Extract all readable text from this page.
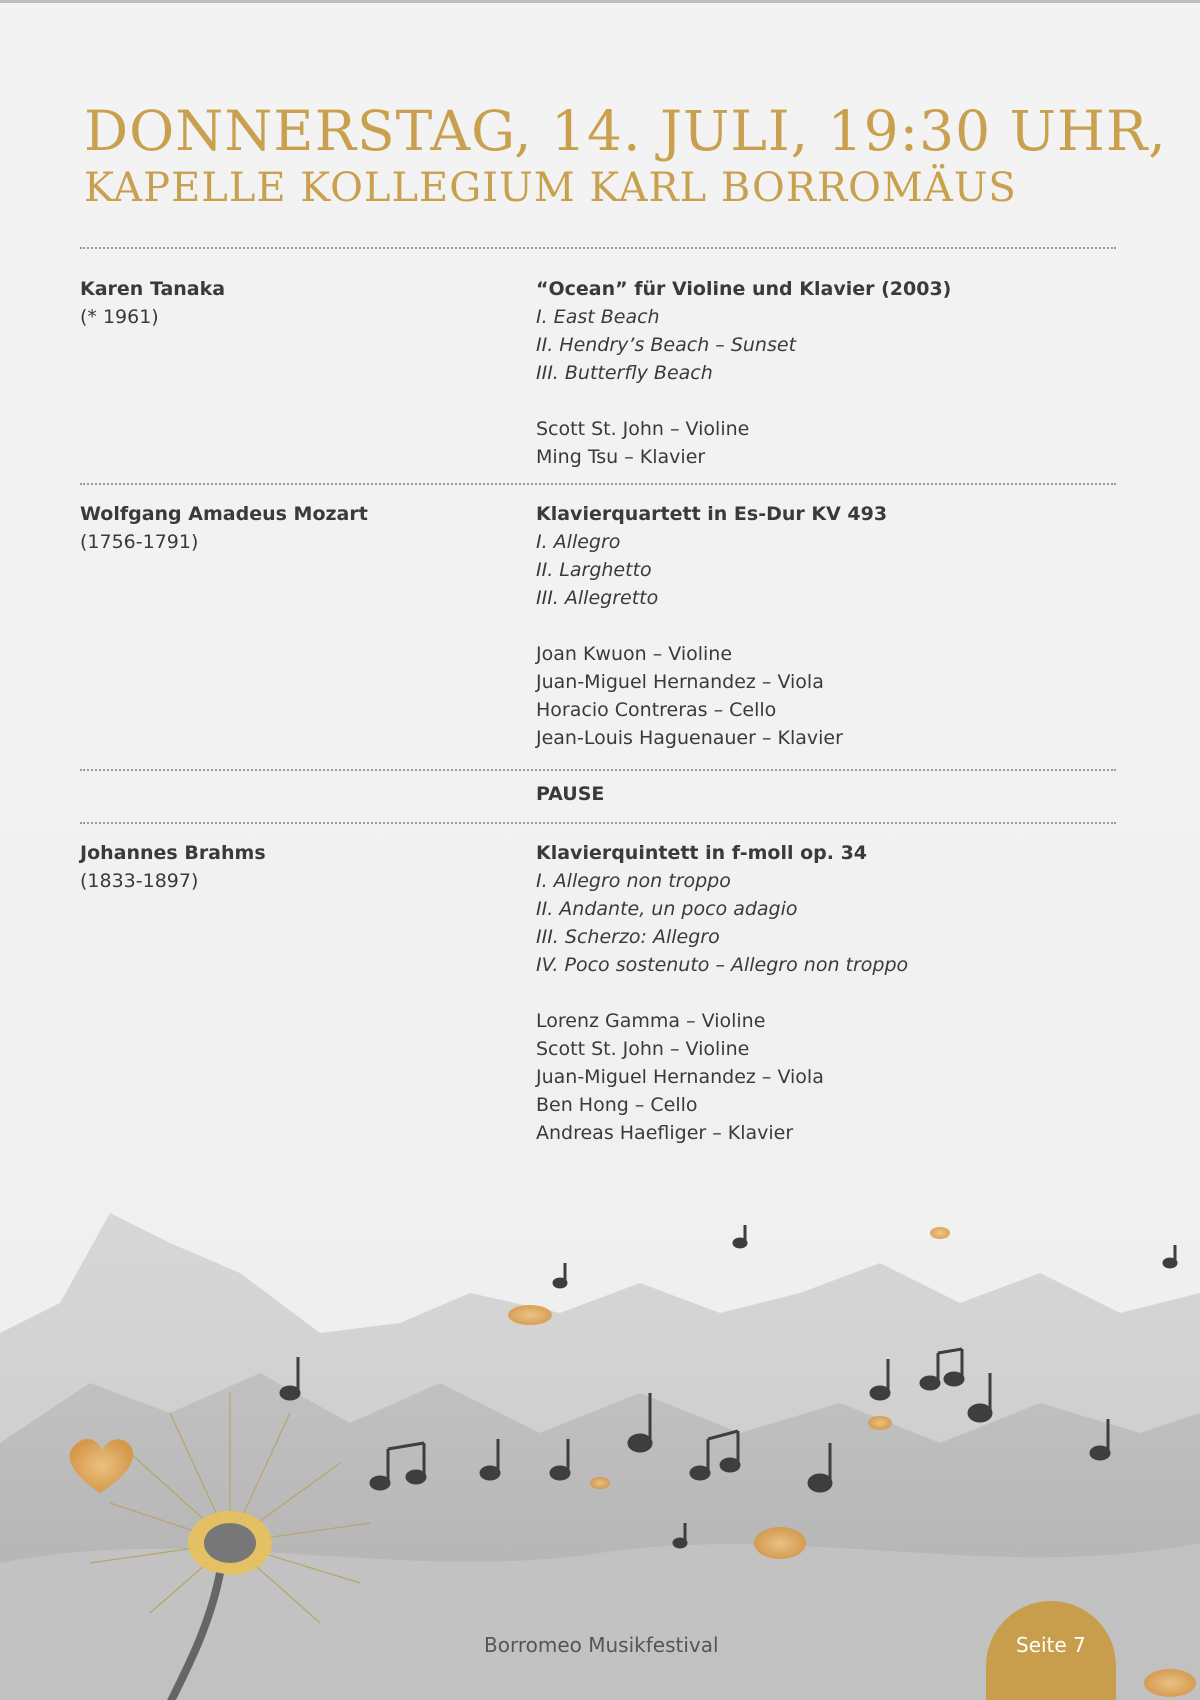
DONNERSTAG, 14. JULI, 19:30 UHR,
KAPELLE KOLLEGIUM KARL BORROMÄUS
Karen Tanaka
(* 1961)
“Ocean” für Violine und Klavier (2003)
I. East Beach
II. Hendry’s Beach – Sunset
III. Butterfly Beach
Scott St. John – Violine
Ming Tsu – Klavier
Wolfgang Amadeus Mozart
(1756-1791)
Klavierquartett in Es-Dur KV 493
I. Allegro
II. Larghetto
III. Allegretto
Joan Kwuon – Violine
Juan-Miguel Hernandez – Viola
Horacio Contreras – Cello
Jean-Louis Haguenauer – Klavier
PAUSE
Johannes Brahms
(1833-1897)
Klavierquintett in f-moll op. 34
I. Allegro non troppo
II. Andante, un poco adagio
III. Scherzo: Allegro
IV. Poco sostenuto – Allegro non troppo
Lorenz Gamma – Violine
Scott St. John – Violine
Juan-Miguel Hernandez – Viola
Ben Hong – Cello
Andreas Haefliger – Klavier
Borromeo Musikfestival	Seite 7
